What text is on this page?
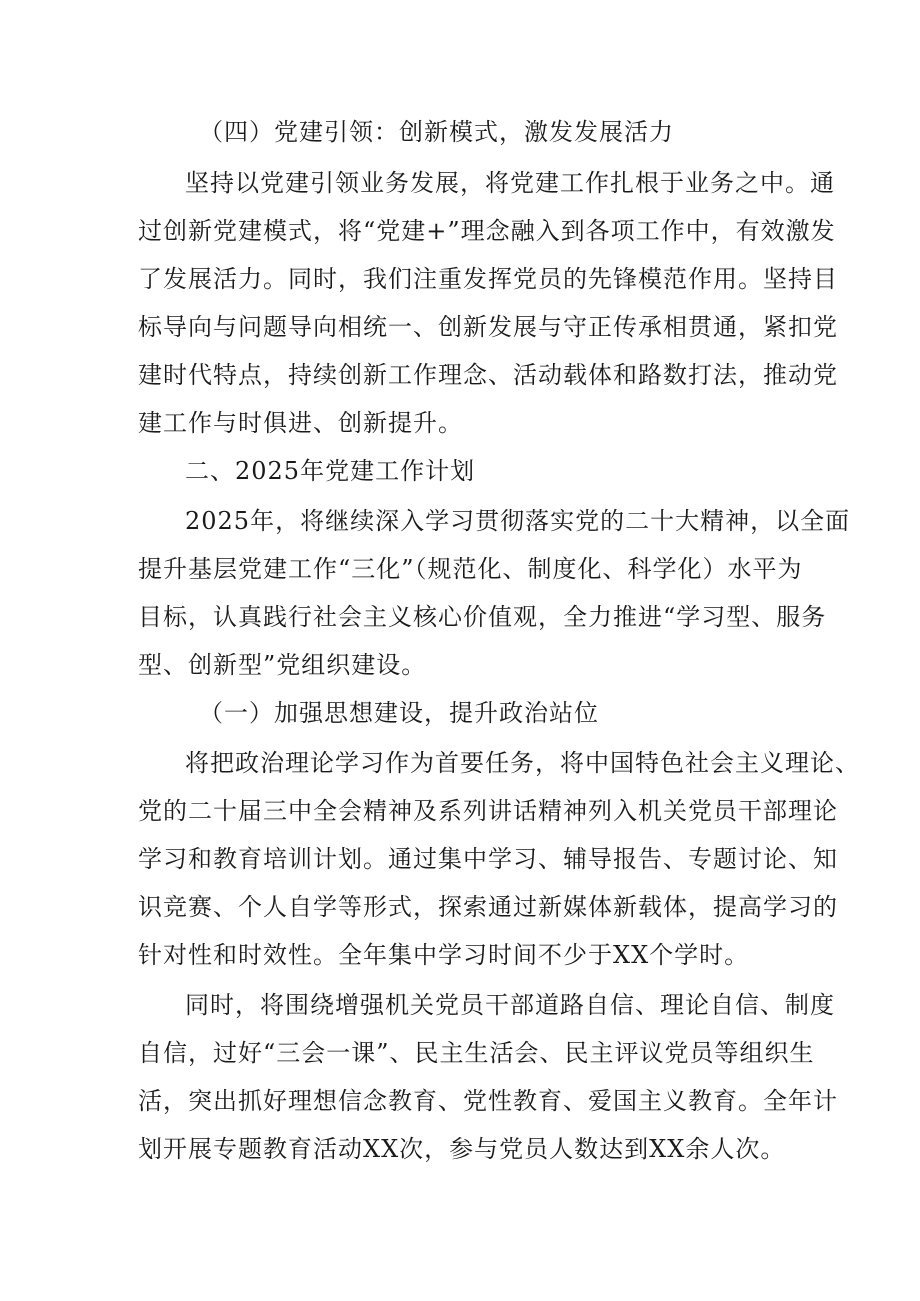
（四）党建引领：创新模式，激发发展活力
坚持以党建引领业务发展，将党建工作扎根于业务之中。通
过创新党建模式，将“党建+”理念融入到各项工作中，有效激发
了发展活力。同时，我们注重发挥党员的先锋模范作用。坚持目
标导向与问题导向相统一、创新发展与守正传承相贯通，紧扣党
建时代特点，持续创新工作理念、活动载体和路数打法，推动党
建工作与时俱进、创新提升。
二、2025年党建工作计划
2025年，将继续深入学习贯彻落实党的二十大精神，以全面
提升基层党建工作“三化”（规范化、制度化、科学化）水平为
目标，认真践行社会主义核心价值观，全力推进“学习型、服务
型、创新型”党组织建设。
（一）加强思想建设，提升政治站位
将把政治理论学习作为首要任务，将中国特色社会主义理论、
党的二十届三中全会精神及系列讲话精神列入机关党员干部理论
学习和教育培训计划。通过集中学习、辅导报告、专题讨论、知
识竞赛、个人自学等形式，探索通过新媒体新载体，提高学习的
针对性和时效性。全年集中学习时间不少于XX个学时。
同时，将围绕增强机关党员干部道路自信、理论自信、制度
自信，过好“三会一课”、民主生活会、民主评议党员等组织生
活，突出抓好理想信念教育、党性教育、爱国主义教育。全年计
划开展专题教育活动XX次，参与党员人数达到XX余人次。
